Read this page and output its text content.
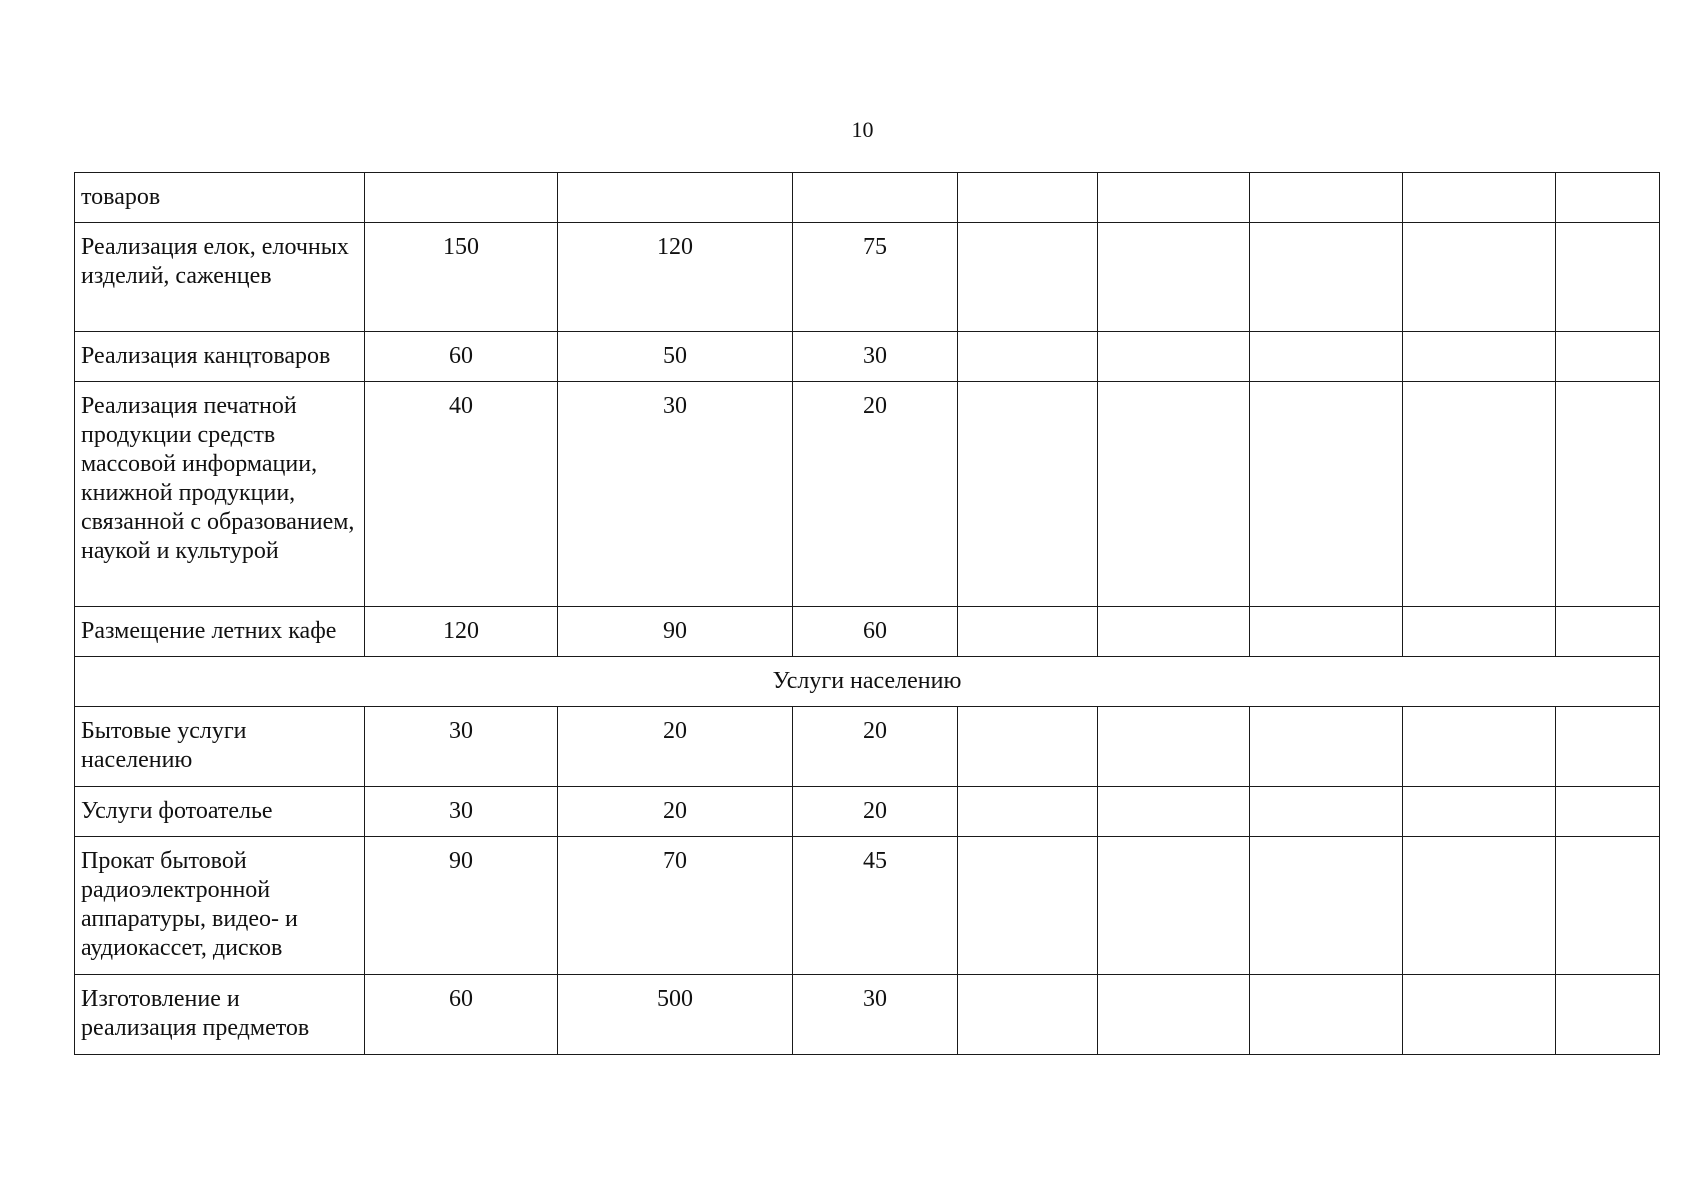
10
товаров								
Реализация елок, елочных изделий, саженцев	150	120	75					
Реализация канцтоваров	60	50	30					
Реализация печатной продукции средств массовой информации, книжной продукции, связанной с образованием, наукой и культурой	40	30	20					
Размещение летних кафе	120	90	60					
Услуги населению								
Бытовые услуги населению	30	20	20					
Услуги фотоателье	30	20	20					
Прокат бытовой радиоэлектронной аппаратуры, видео- и аудиокассет, дисков	90	70	45					
Изготовление и реализация предметов	60	500	30					
